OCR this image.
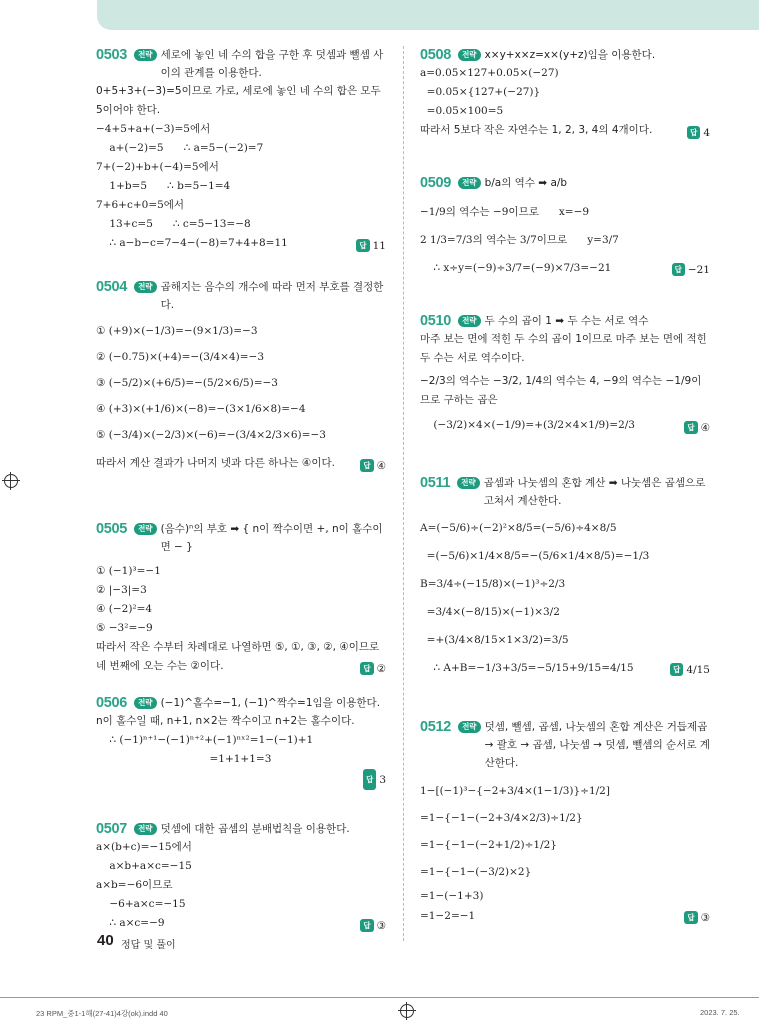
0503	전략 세로에 놓인 네 수의 합을 구한 후 덧셈과 뺄셈 사이의 관계를 이용한다.

0+5+3+(−3)=5이므로 가로, 세로에 놓인 네 수의 합은 모두 5이어야 한다.

−4+5+a+(−3)=5에서

a+(−2)=5      ∴ a=5−(−2)=7

7+(−2)+b+(−4)=5에서

1+b=5      ∴ b=5−1=4

7+6+c+0=5에서

13+c=5      ∴ c=5−13=−8

∴ a−b−c=7−4−(−8)=7+4+8=11	답 11
0504	전략 곱해지는 음수의 개수에 따라 먼저 부호를 결정한다.

① (+9)×(−1/3)=−(9×1/3)=−3

② (−0.75)×(+4)=−(3/4×4)=−3

③ (−5/2)×(+6/5)=−(5/2×6/5)=−3

④ (+3)×(+1/6)×(−8)=−(3×1/6×8)=−4

⑤ (−3/4)×(−2/3)×(−6)=−(3/4×2/3×6)=−3

따라서 계산 결과가 나머지 넷과 다른 하나는 ④이다.	답 ④
0505	전략 (음수)ⁿ의 부호 ➡ { n이 짝수이면 +, n이 홀수이면 − }

① (−1)³=−1

② |−3|=3

④ (−2)²=4

⑤ −3²=−9

따라서 작은 수부터 차례대로 나열하면 ⑤, ①, ③, ②, ④이므로 네 번째에 오는 수는 ②이다.	답 ②
0506	전략 (−1)^홀수=−1, (−1)^짝수=1임을 이용한다.

n이 홀수일 때, n+1, n×2는 짝수이고 n+2는 홀수이다.

∴ (−1)ⁿ⁺¹−(−1)ⁿ⁺²+(−1)ⁿˣ²=1−(−1)+1

=1+1+1=3

답 3

0507	전략 덧셈에 대한 곱셈의 분배법칙을 이용한다.

a×(b+c)=−15에서

a×b+a×c=−15

a×b=−6이므로

−6+a×c=−15

∴ a×c=−9	답 ③
0508	전략 x×y+x×z=x×(y+z)임을 이용한다.

a=0.05×127+0.05×(−27)

=0.05×{127+(−27)}

=0.05×100=5

따라서 5보다 작은 자연수는 1, 2, 3, 4의 4개이다.	답 4
0509	전략 b/a의 역수 ➡ a/b

−1/9의 역수는 −9이므로      x=−9

2 1/3=7/3의 역수는 3/7이므로      y=3/7

∴ x÷y=(−9)÷3/7=(−9)×7/3=−21	답 −21
0510	전략 두 수의 곱이 1 ➡ 두 수는 서로 역수

마주 보는 면에 적힌 두 수의 곱이 1이므로 마주 보는 면에 적힌 두 수는 서로 역수이다.

−2/3의 역수는 −3/2, 1/4의 역수는 4, −9의 역수는 −1/9이므로 구하는 곱은

(−3/2)×4×(−1/9)=+(3/2×4×1/9)=2/3	답 ④
0511	전략 곱셈과 나눗셈의 혼합 계산 ➡ 나눗셈은 곱셈으로 고쳐서 계산한다.

A=(−5/6)÷(−2)²×8/5=(−5/6)÷4×8/5

=(−5/6)×1/4×8/5=−(5/6×1/4×8/5)=−1/3

B=3/4÷(−15/8)×(−1)³÷2/3

=3/4×(−8/15)×(−1)×3/2

=+(3/4×8/15×1×3/2)=3/5

∴ A+B=−1/3+3/5=−5/15+9/15=4/15	답 4/15
0512	전략 덧셈, 뺄셈, 곱셈, 나눗셈의 혼합 계산은 거듭제곱 → 괄호 → 곱셈, 나눗셈 → 덧셈, 뺄셈의 순서로 계산한다.

1−[(−1)³−{−2+3/4×(1−1/3)}÷1/2]

=1−{−1−(−2+3/4×2/3)÷1/2}

=1−{−1−(−2+1/2)÷1/2}

=1−{−1−(−3/2)×2}

=1−(−1+3)

=1−2=−1	답 ③
40 정답 및 풀이
23 RPM_중1-1해(27-41)4강(ok).indd 40	2023. 7. 25.
